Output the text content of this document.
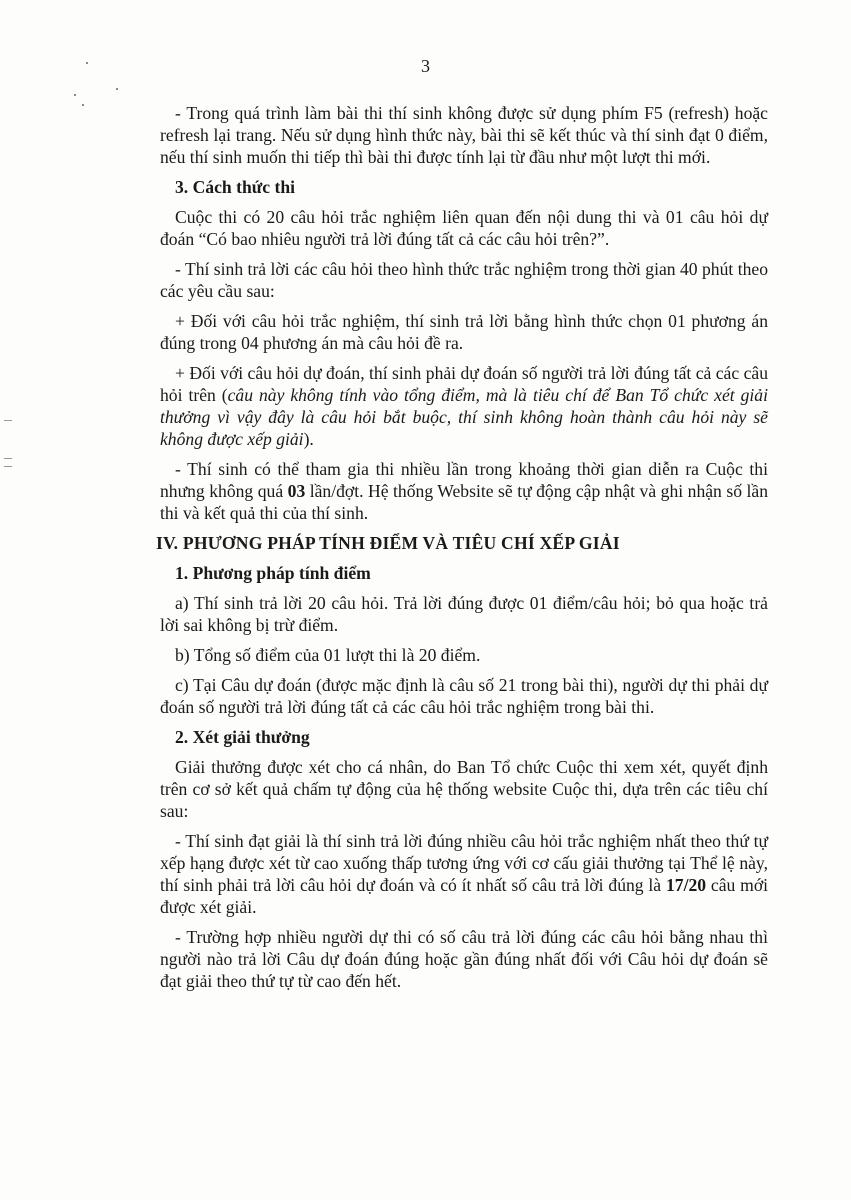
3

- Trong quá trình làm bài thi thí sinh không được sử dụng phím F5 (refresh) hoặc refresh lại trang. Nếu sử dụng hình thức này, bài thi sẽ kết thúc và thí sinh đạt 0 điểm, nếu thí sinh muốn thi tiếp thì bài thi được tính lại từ đầu như một lượt thi mới.

3. Cách thức thi

Cuộc thi có 20 câu hỏi trắc nghiệm liên quan đến nội dung thi và 01 câu hỏi dự đoán “Có bao nhiêu người trả lời đúng tất cả các câu hỏi trên?”.

- Thí sinh trả lời các câu hỏi theo hình thức trắc nghiệm trong thời gian 40 phút theo các yêu cầu sau:

+ Đối với câu hỏi trắc nghiệm, thí sinh trả lời bằng hình thức chọn 01 phương án đúng trong 04 phương án mà câu hỏi đề ra.

+ Đối với câu hỏi dự đoán, thí sinh phải dự đoán số người trả lời đúng tất cả các câu hỏi trên (câu này không tính vào tổng điểm, mà là tiêu chí để Ban Tổ chức xét giải thưởng vì vậy đây là câu hỏi bắt buộc, thí sinh không hoàn thành câu hỏi này sẽ không được xếp giải).

- Thí sinh có thể tham gia thi nhiều lần trong khoảng thời gian diễn ra Cuộc thi nhưng không quá 03 lần/đợt. Hệ thống Website sẽ tự động cập nhật và ghi nhận số lần thi và kết quả thi của thí sinh.

IV. PHƯƠNG PHÁP TÍNH ĐIỂM VÀ TIÊU CHÍ XẾP GIẢI

1. Phương pháp tính điểm

a) Thí sinh trả lời 20 câu hỏi. Trả lời đúng được 01 điểm/câu hỏi; bỏ qua hoặc trả lời sai không bị trừ điểm.

b) Tổng số điểm của 01 lượt thi là 20 điểm.

c) Tại Câu dự đoán (được mặc định là câu số 21 trong bài thi), người dự thi phải dự đoán số người trả lời đúng tất cả các câu hỏi trắc nghiệm trong bài thi.

2. Xét giải thưởng

Giải thưởng được xét cho cá nhân, do Ban Tổ chức Cuộc thi xem xét, quyết định trên cơ sở kết quả chấm tự động của hệ thống website Cuộc thi, dựa trên các tiêu chí sau:

- Thí sinh đạt giải là thí sinh trả lời đúng nhiều câu hỏi trắc nghiệm nhất theo thứ tự xếp hạng được xét từ cao xuống thấp tương ứng với cơ cấu giải thưởng tại Thể lệ này, thí sinh phải trả lời câu hỏi dự đoán và có ít nhất số câu trả lời đúng là 17/20 câu mới được xét giải.

- Trường hợp nhiều người dự thi có số câu trả lời đúng các câu hỏi bằng nhau thì người nào trả lời Câu dự đoán đúng hoặc gần đúng nhất đối với Câu hỏi dự đoán sẽ đạt giải theo thứ tự từ cao đến hết.
